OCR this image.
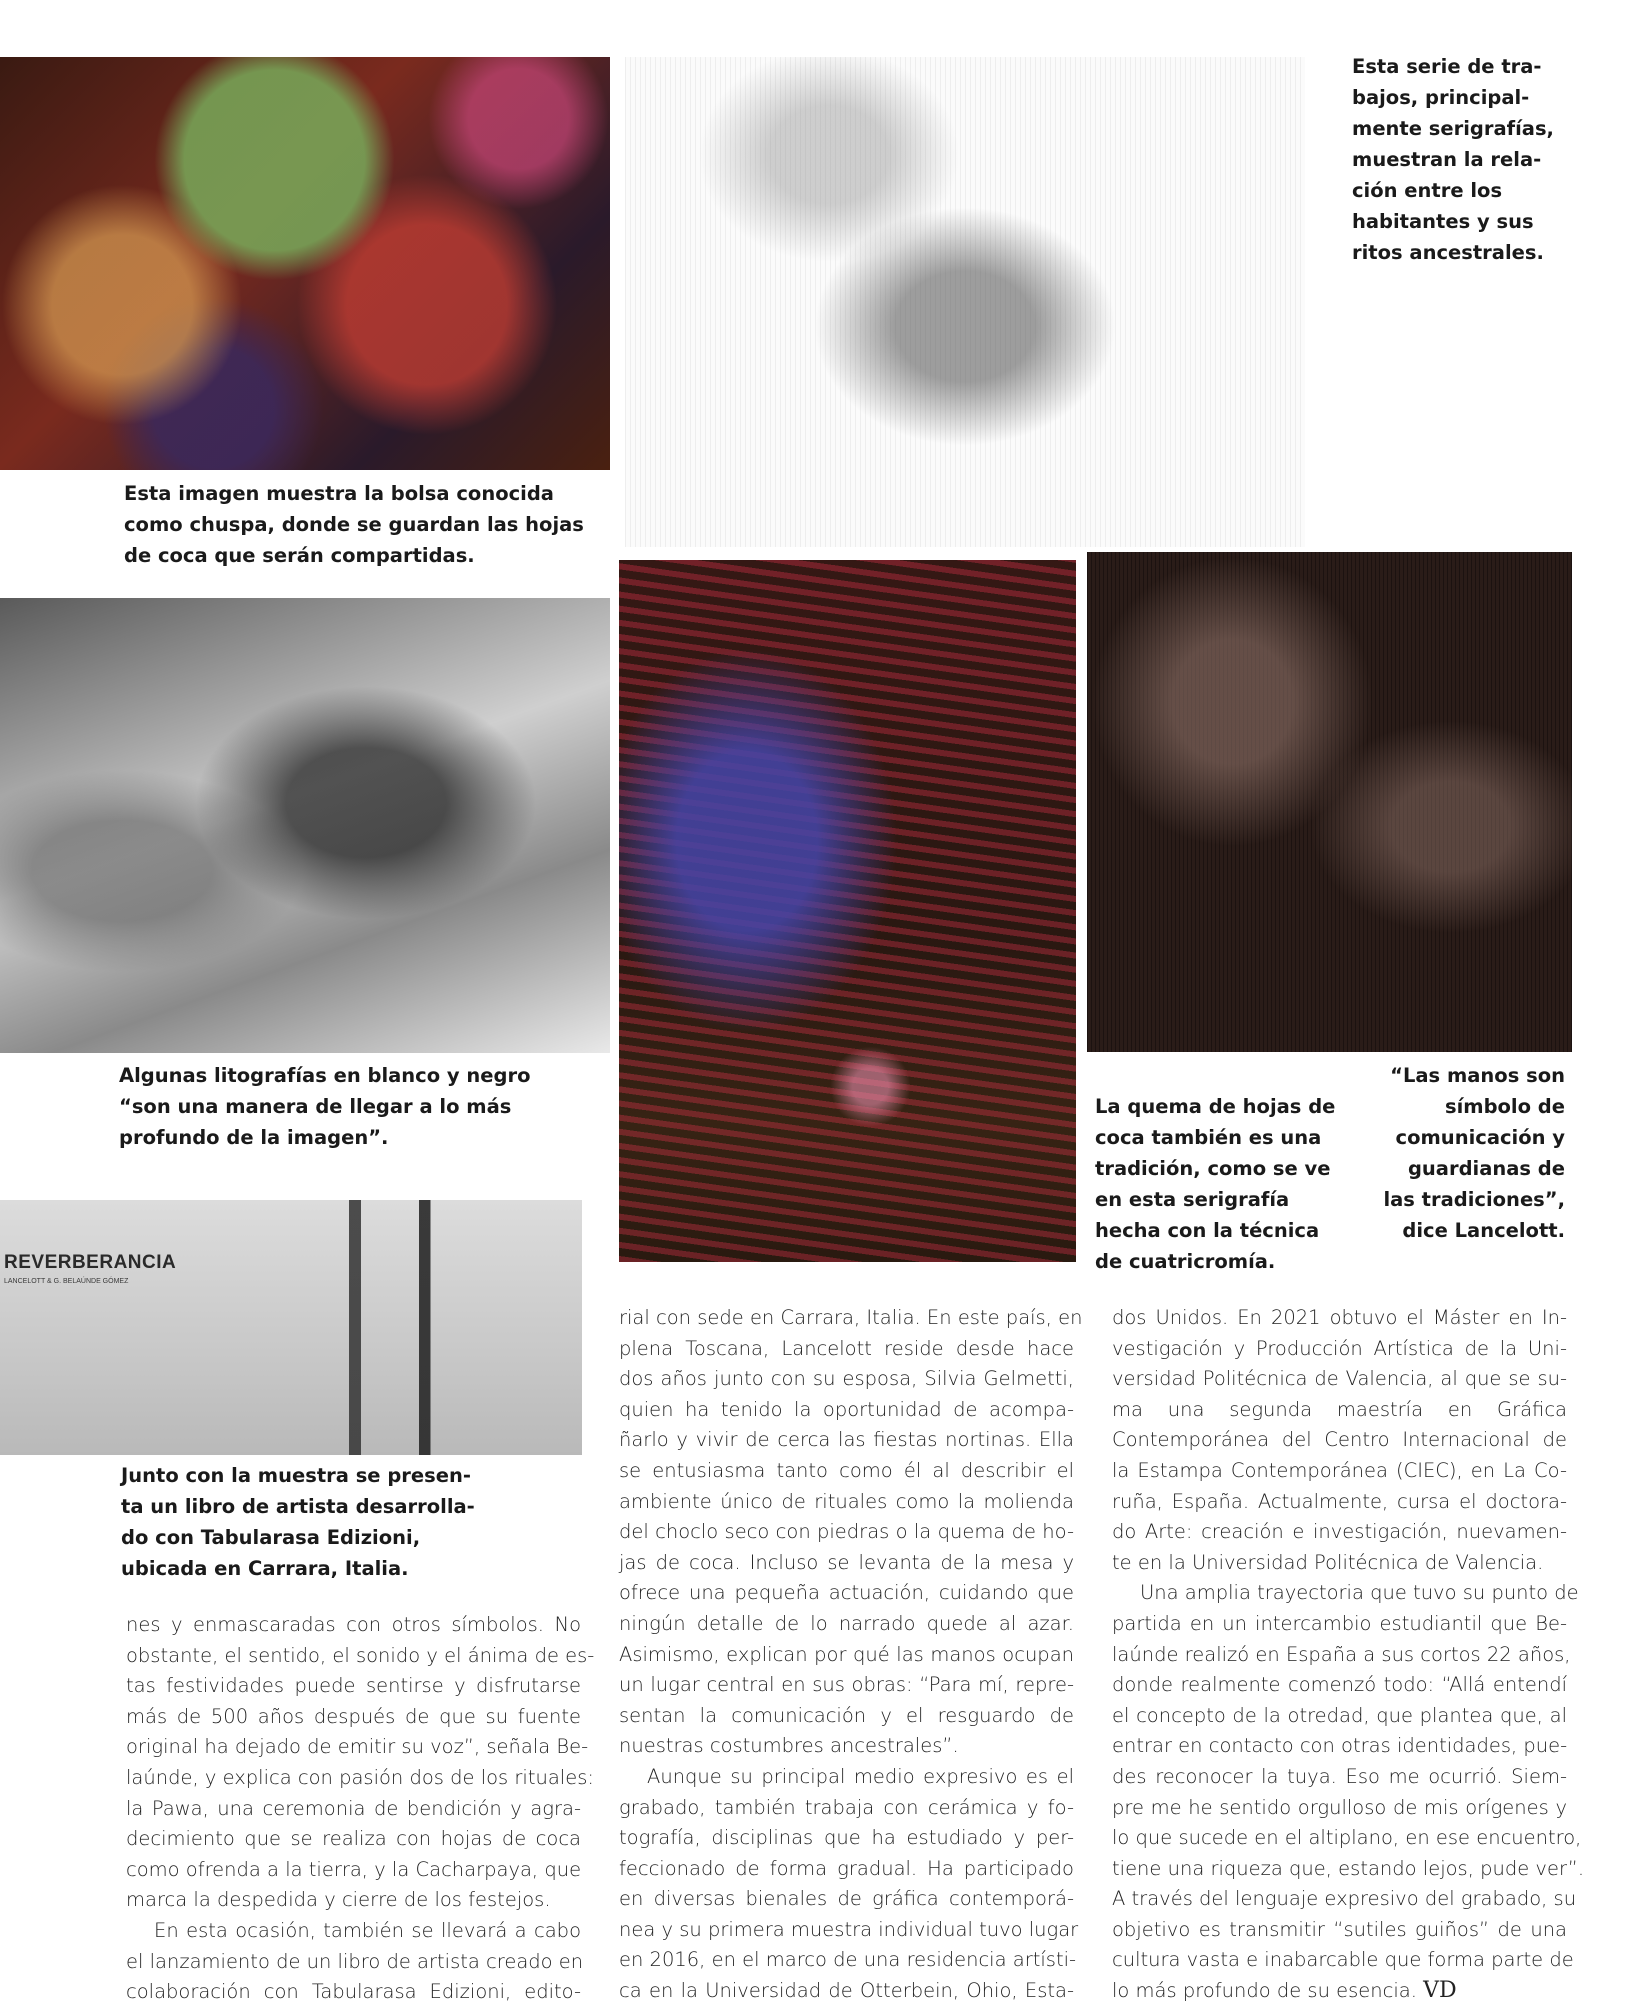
REVERBERANCIA
LANCELOTT & G. BELAÚNDE GÓMEZ

Esta serie de tra-

bajos, principal-

mente serigrafías,

muestran la rela-

ción entre los

habitantes y sus

ritos ancestrales.

Esta imagen muestra la bolsa conocida

como chuspa, donde se guardan las hojas

de coca que serán compartidas.

Algunas litografías en blanco y negro

“son una manera de llegar a lo más

profundo de la imagen”.

“Las manos son

símbolo de

comunicación y

guardianas de

las tradiciones”,

dice Lancelott.

La quema de hojas de

coca también es una

tradición, como se ve

en esta serigrafía

hecha con la técnica

de cuatricromía.

Junto con la muestra se presen-

ta un libro de artista desarrolla-

do con Tabularasa Edizioni,

ubicada en Carrara, Italia.

nes y enmascaradas con otros símbolos. No
obstante, el sentido, el sonido y el ánima de es-
tas festividades puede sentirse y disfrutarse
más de 500 años después de que su fuente
original ha dejado de emitir su voz”, señala Be-
laúnde, y explica con pasión dos de los rituales:
la Pawa, una ceremonia de bendición y agra-
decimiento que se realiza con hojas de coca
como ofrenda a la tierra, y la Cacharpaya, que
marca la despedida y cierre de los festejos.
En esta ocasión, también se llevará a cabo
el lanzamiento de un libro de artista creado en
colaboración con Tabularasa Edizioni, edito-
rial con sede en Carrara, Italia. En este país, en
plena Toscana, Lancelott reside desde hace
dos años junto con su esposa, Silvia Gelmetti,
quien ha tenido la oportunidad de acompa-
ñarlo y vivir de cerca las fiestas nortinas. Ella
se entusiasma tanto como él al describir el
ambiente único de rituales como la molienda
del choclo seco con piedras o la quema de ho-
jas de coca. Incluso se levanta de la mesa y
ofrece una pequeña actuación, cuidando que
ningún detalle de lo narrado quede al azar.
Asimismo, explican por qué las manos ocupan
un lugar central en sus obras: “Para mí, repre-
sentan la comunicación y el resguardo de
nuestras costumbres ancestrales”.
Aunque su principal medio expresivo es el
grabado, también trabaja con cerámica y fo-
tografía, disciplinas que ha estudiado y per-
feccionado de forma gradual. Ha participado
en diversas bienales de gráfica contemporá-
nea y su primera muestra individual tuvo lugar
en 2016, en el marco de una residencia artísti-
ca en la Universidad de Otterbein, Ohio, Esta-
dos Unidos. En 2021 obtuvo el Máster en In-
vestigación y Producción Artística de la Uni-
versidad Politécnica de Valencia, al que se su-
ma una segunda maestría en Gráfica
Contemporánea del Centro Internacional de
la Estampa Contemporánea (CIEC), en La Co-
ruña, España. Actualmente, cursa el doctora-
do Arte: creación e investigación, nuevamen-
te en la Universidad Politécnica de Valencia.
Una amplia trayectoria que tuvo su punto de
partida en un intercambio estudiantil que Be-
laúnde realizó en España a sus cortos 22 años,
donde realmente comenzó todo: “Allá entendí
el concepto de la otredad, que plantea que, al
entrar en contacto con otras identidades, pue-
des reconocer la tuya. Eso me ocurrió. Siem-
pre me he sentido orgulloso de mis orígenes y
lo que sucede en el altiplano, en ese encuentro,
tiene una riqueza que, estando lejos, pude ver”.
A través del lenguaje expresivo del grabado, su
objetivo es transmitir “sutiles guiños” de una
cultura vasta e inabarcable que forma parte de
lo más profundo de su esencia. VD
